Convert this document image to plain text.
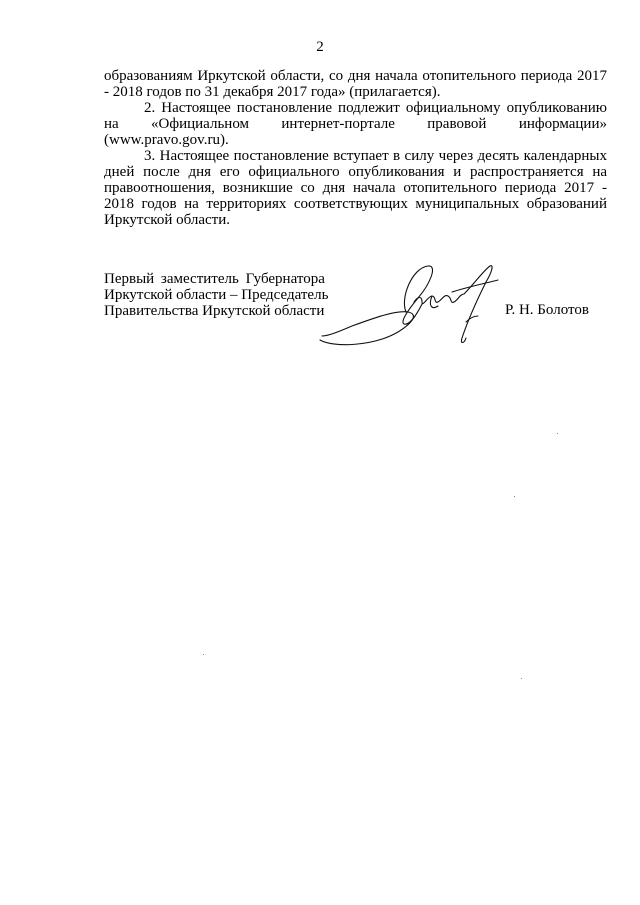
2

образованиям Иркутской области, со дня начала отопительного периода 2017 - 2018 годов по 31 декабря 2017 года» (прилагается).

2. Настоящее постановление подлежит официальному опубликованию на «Официальном интернет-портале правовой информации» (www.pravo.gov.ru).

3. Настоящее постановление вступает в силу через десять календарных дней после дня его официального опубликования и распространяется на правоотношения, возникшие со дня начала отопительного периода 2017 - 2018 годов на территориях соответствующих муниципальных образований Иркутской области.

Первый заместитель Губернатора
Иркутской области – Председатель
Правительства Иркутской области	Р. Н. Болотов
